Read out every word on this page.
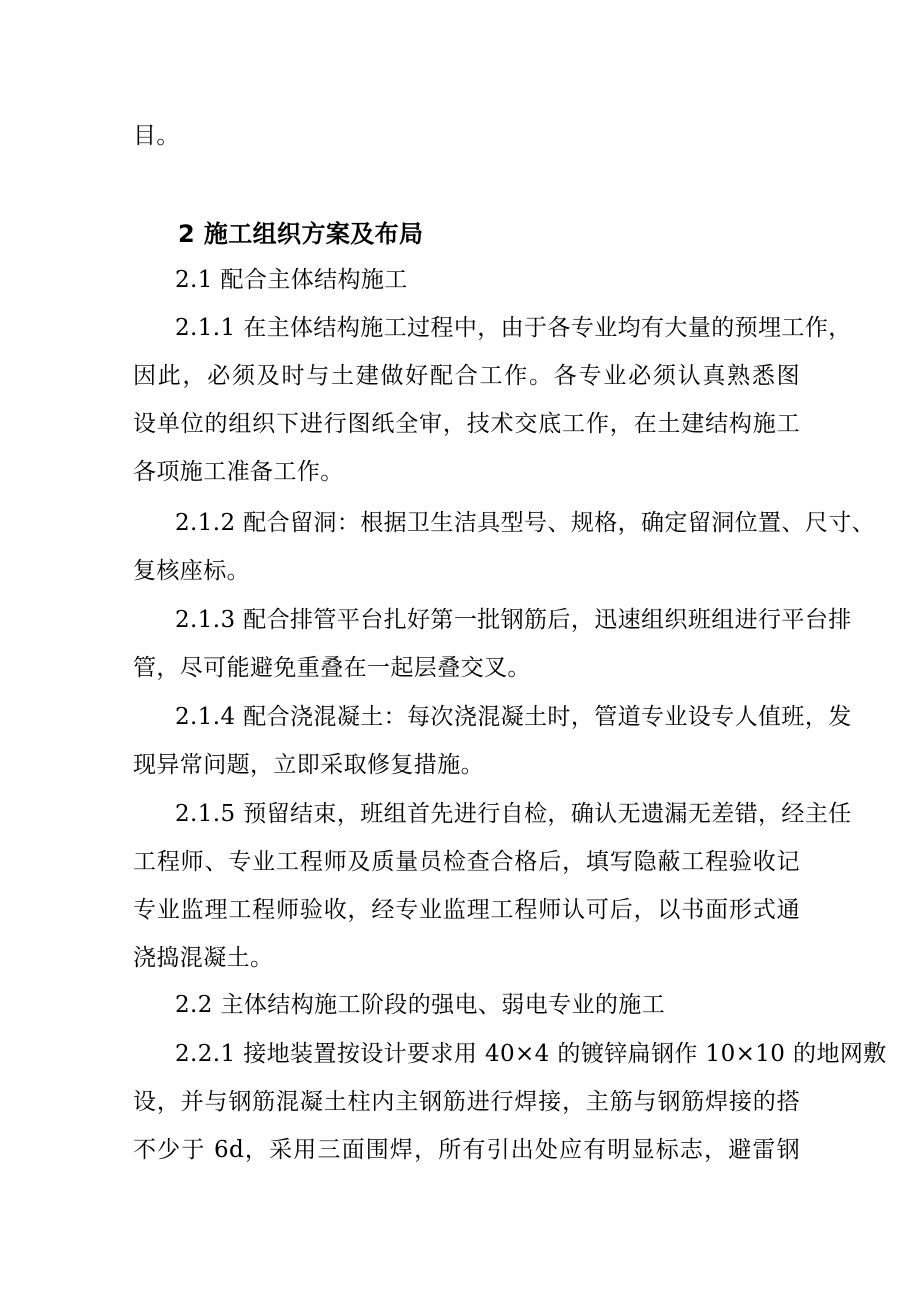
目。
2 施工组织方案及布局
2.1 配合主体结构施工
2.1.1 在主体结构施工过程中，由于各专业均有大量的预埋工作，
因此，必须及时与土建做好配合工作。各专业必须认真熟悉图
设单位的组织下进行图纸全审，技术交底工作，在土建结构施工
各项施工准备工作。
2.1.2 配合留洞：根据卫生洁具型号、规格，确定留洞位置、尺寸、
复核座标。
2.1.3 配合排管平台扎好第一批钢筋后，迅速组织班组进行平台排
管，尽可能避免重叠在一起层叠交叉。
2.1.4 配合浇混凝土：每次浇混凝土时，管道专业设专人值班，发
现异常问题，立即采取修复措施。
2.1.5 预留结束，班组首先进行自检，确认无遗漏无差错，经主任
工程师、专业工程师及质量员检查合格后，填写隐蔽工程验收记
专业监理工程师验收，经专业监理工程师认可后，以书面形式通
浇捣混凝土。
2.2 主体结构施工阶段的强电、弱电专业的施工
2.2.1 接地装置按设计要求用 40×4 的镀锌扁钢作 10×10 的地网敷
设，并与钢筋混凝土柱内主钢筋进行焊接，主筋与钢筋焊接的搭
不少于 6d，采用三面围焊，所有引出处应有明显标志，避雷钢
